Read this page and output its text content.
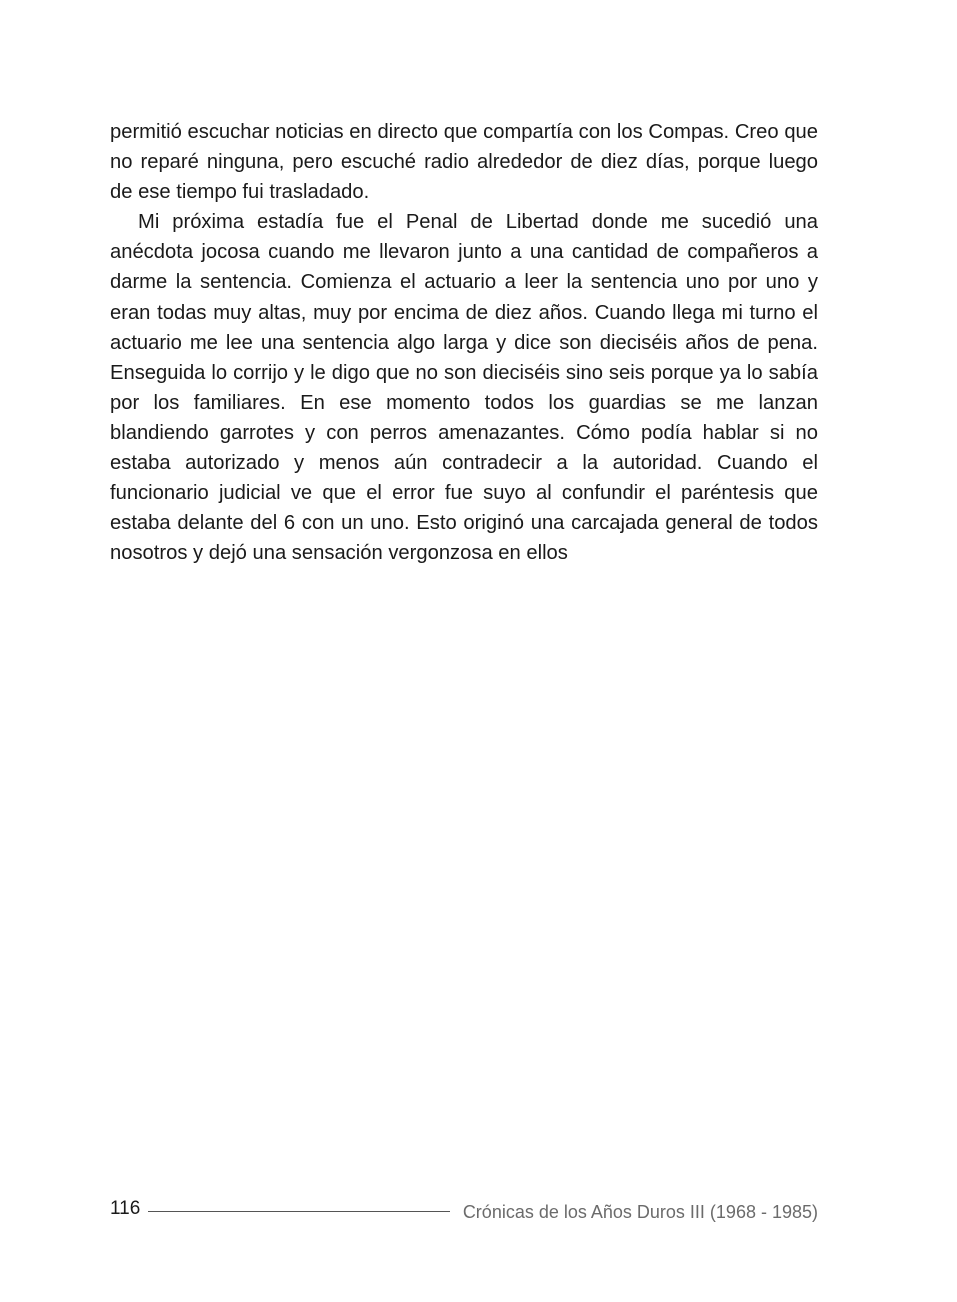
permitió escuchar noticias en directo que compartía con los Compas. Creo que no reparé ninguna, pero escuché radio alrededor de diez días, porque luego de ese tiempo fui trasladado.

Mi próxima estadía fue el Penal de Libertad donde me sucedió una anécdota jocosa cuando me llevaron junto a una cantidad de compañeros a darme la sentencia. Comienza el actuario a leer la sentencia uno por uno y eran todas muy altas, muy por encima de diez años. Cuando llega mi turno el actuario me lee una sentencia algo larga y dice son dieciséis años de pena. Enseguida lo corrijo y le digo que no son dieciséis sino seis porque ya lo sabía por los familiares. En ese momento todos los guardias se me lanzan blandiendo garrotes y con perros amenazantes. Cómo podía hablar si no estaba autorizado y menos aún contradecir a la autoridad. Cuando el funcionario judicial ve que el error fue suyo al confundir el paréntesis que estaba delante del 6 con un uno. Esto originó una carcajada general de todos nosotros y dejó una sensación vergonzosa en ellos

116	Crónicas de los Años Duros III (1968 - 1985)
